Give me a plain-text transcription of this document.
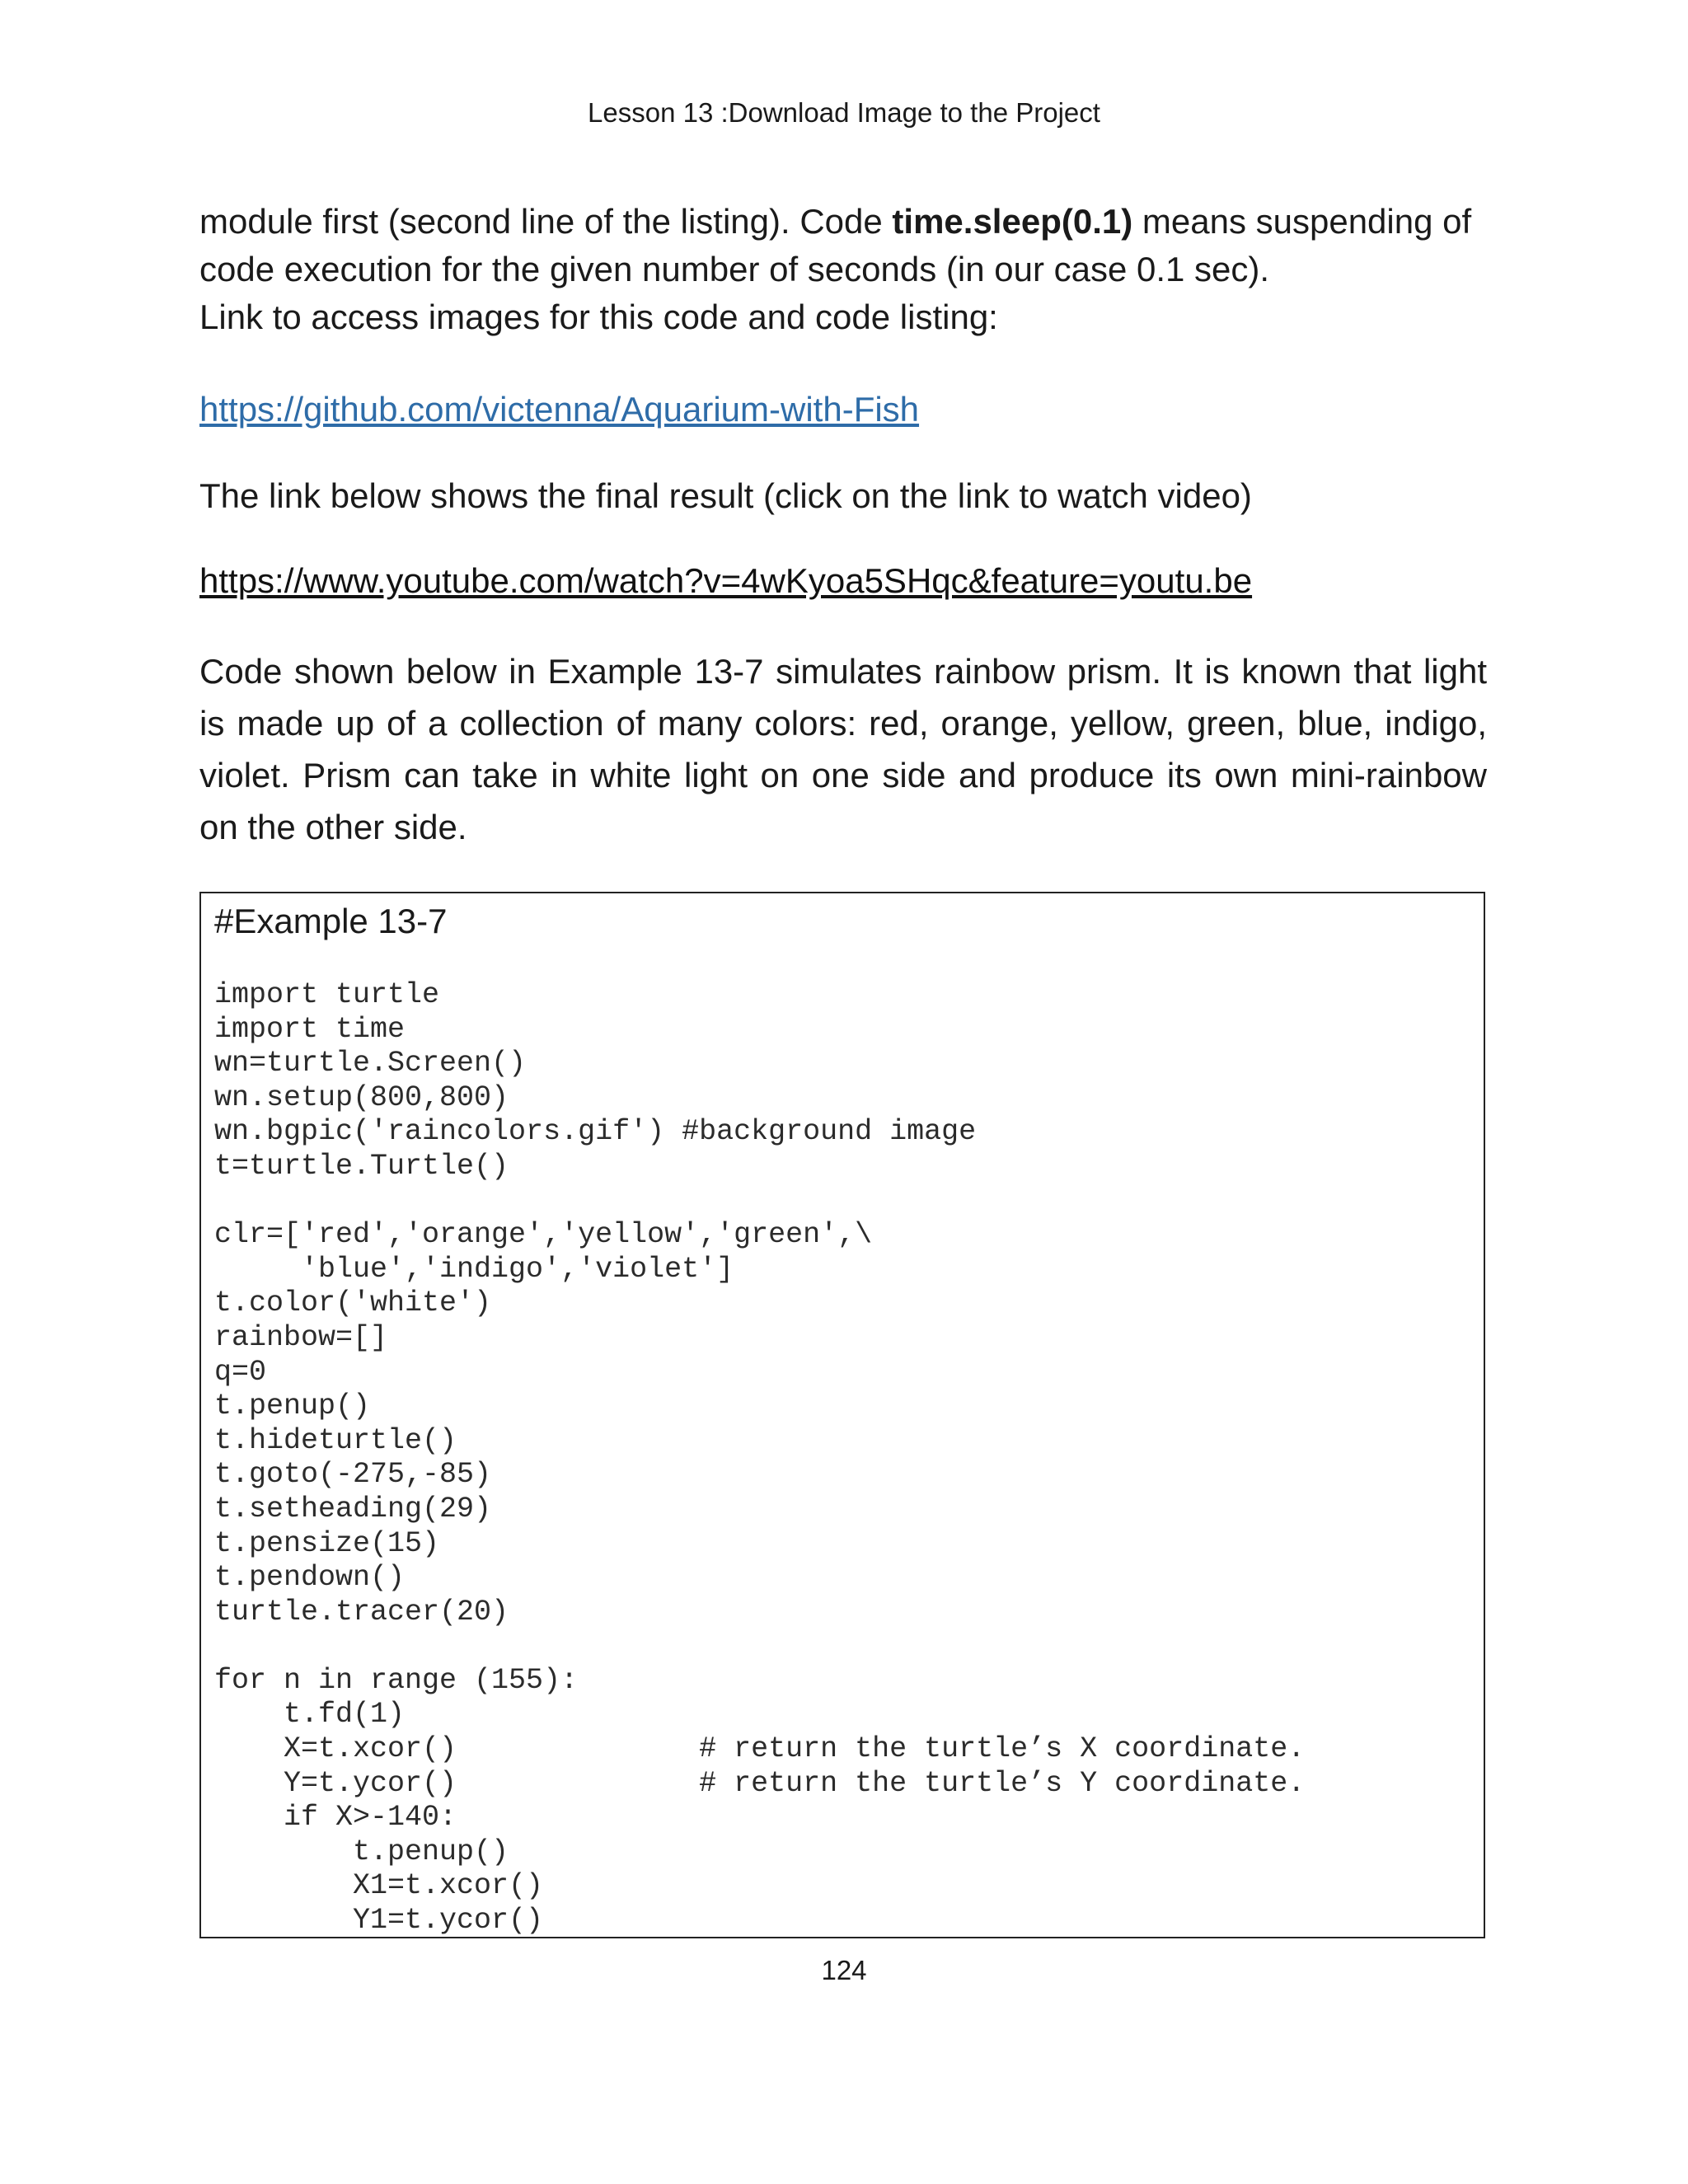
Lesson 13 :Download Image to the Project

module first (second line of the listing). Code time.sleep(0.1) means suspending of code execution for the given number of seconds (in our case 0.1 sec).
Link to access images for this code and code listing:

https://github.com/victenna/Aquarium-with-Fish

The link below shows the final result (click on the link to watch video)

https://www.youtube.com/watch?v=4wKyoa5SHqc&feature=youtu.be

Code shown below in Example 13-7 simulates rainbow prism. It is known that light is made up of a collection of many colors: red, orange, yellow, green, blue, indigo, violet. Prism can take in white light on one side and produce its own mini-rainbow on the other side.

#Example 13-7
import turtle
import time
wn=turtle.Screen()
wn.setup(800,800)
wn.bgpic('raincolors.gif') #background image
t=turtle.Turtle()

clr=['red','orange','yellow','green',\
'blue','indigo','violet']
t.color('white')
rainbow=[]
q=0
t.penup()
t.hideturtle()
t.goto(-275,-85)
t.setheading(29)
t.pensize(15)
t.pendown()
turtle.tracer(20)

for n in range (155):
t.fd(1)
X=t.xcor()              # return the turtle’s X coordinate.
Y=t.ycor()              # return the turtle’s Y coordinate.
if X>-140:
t.penup()
X1=t.xcor()
Y1=t.ycor()
124
